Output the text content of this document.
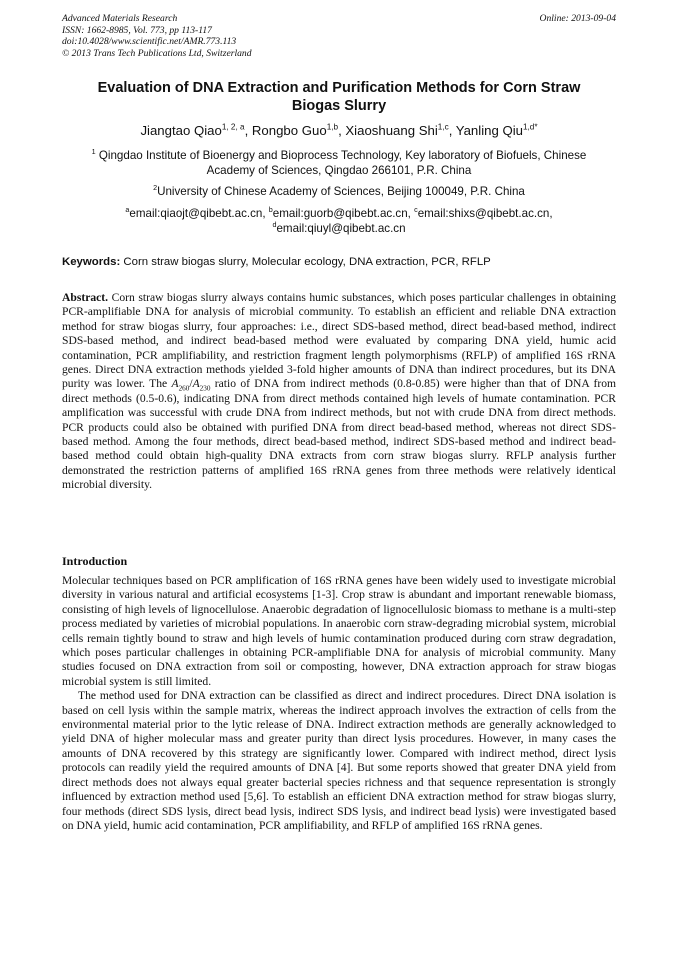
Advanced Materials Research
ISSN: 1662-8985, Vol. 773, pp 113-117
doi:10.4028/www.scientific.net/AMR.773.113
© 2013 Trans Tech Publications Ltd, Switzerland
Online: 2013-09-04
Evaluation of DNA Extraction and Purification Methods for Corn Straw
Biogas Slurry
Jiangtao Qiao$^{1, 2, a}$, Rongbo Guo$^{1,b}$, Xiaoshuang Shi$^{1,c}$, Yanling Qiu$^{1,d*}$
$^1$ Qingdao Institute of Bioenergy and Bioprocess Technology, Key laboratory of Biofuels, Chinese
Academy of Sciences, Qingdao 266101, P.R. China
$^2$University of Chinese Academy of Sciences, Beijing 100049, P.R. China
$^a$email:qiaojt@qibebt.ac.cn, $^b$email:guorb@qibebt.ac.cn, $^c$email:shixs@qibebt.ac.cn,
$^d$email:qiuyl@qibebt.ac.cn
Keywords: Corn straw biogas slurry, Molecular ecology, DNA extraction, PCR, RFLP

Abstract. Corn straw biogas slurry always contains humic substances, which poses particular challenges in obtaining PCR-amplifiable DNA for analysis of microbial community. To establish an efficient and reliable DNA extraction method for straw biogas slurry, four approaches: i.e., direct SDS-based method, direct bead-based method, indirect SDS-based method, and indirect bead-based method were evaluated by comparing DNA yield, humic acid contamination, PCR amplifiability, and restriction fragment length polymorphisms (RFLP) of amplified 16S rRNA genes. Direct DNA extraction methods yielded 3-fold higher amounts of DNA than indirect procedures, but its DNA purity was lower. The $A_{260}/A_{230}$ ratio of DNA from indirect methods (0.8-0.85) were higher than that of DNA from direct methods (0.5-0.6), indicating DNA from direct methods contained high levels of humate contamination. PCR amplification was successful with crude DNA from indirect methods, but not with crude DNA from direct methods. PCR products could also be obtained with purified DNA from direct bead-based method, whereas not direct SDS-based method. Among the four methods, direct bead-based method, indirect SDS-based method and indirect bead-based method could obtain high-quality DNA extracts from corn straw biogas slurry. RFLP analysis further demonstrated the restriction patterns of amplified 16S rRNA genes from three methods were relatively identical microbial diversity.

Introduction

Molecular techniques based on PCR amplification of 16S rRNA genes have been widely used to investigate microbial diversity in various natural and artificial ecosystems [1-3]. Crop straw is abundant and important renewable biomass, consisting of high levels of lignocellulose. Anaerobic degradation of lignocellulosic biomass to methane is a multi-step process mediated by varieties of microbial populations. In anaerobic corn straw-degrading microbial system, microbial cells remain tightly bound to straw and high levels of humic contamination produced during corn straw degradation, which poses particular challenges in obtaining PCR-amplifiable DNA for analysis of microbial community. Many studies focused on DNA extraction from soil or composting, however, DNA extraction approach for straw biogas microbial system is still limited.

The method used for DNA extraction can be classified as direct and indirect procedures. Direct DNA isolation is based on cell lysis within the sample matrix, whereas the indirect approach involves the extraction of cells from the environmental material prior to the lytic release of DNA. Indirect extraction methods are generally acknowledged to yield DNA of higher molecular mass and greater purity than direct lysis procedures. However, in many cases the amounts of DNA recovered by this strategy are significantly lower. Compared with indirect method, direct lysis protocols can readily yield the required amounts of DNA [4]. But some reports showed that greater DNA yield from direct methods does not always equal greater bacterial species richness and that sequence representation is strongly influenced by extraction method used [5,6]. To establish an efficient DNA extraction method for straw biogas slurry, four methods (direct SDS lysis, direct bead lysis, indirect SDS lysis, and indirect bead lysis) were investigated based on DNA yield, humic acid contamination, PCR amplifiability, and RFLP of amplified 16S rRNA genes.
